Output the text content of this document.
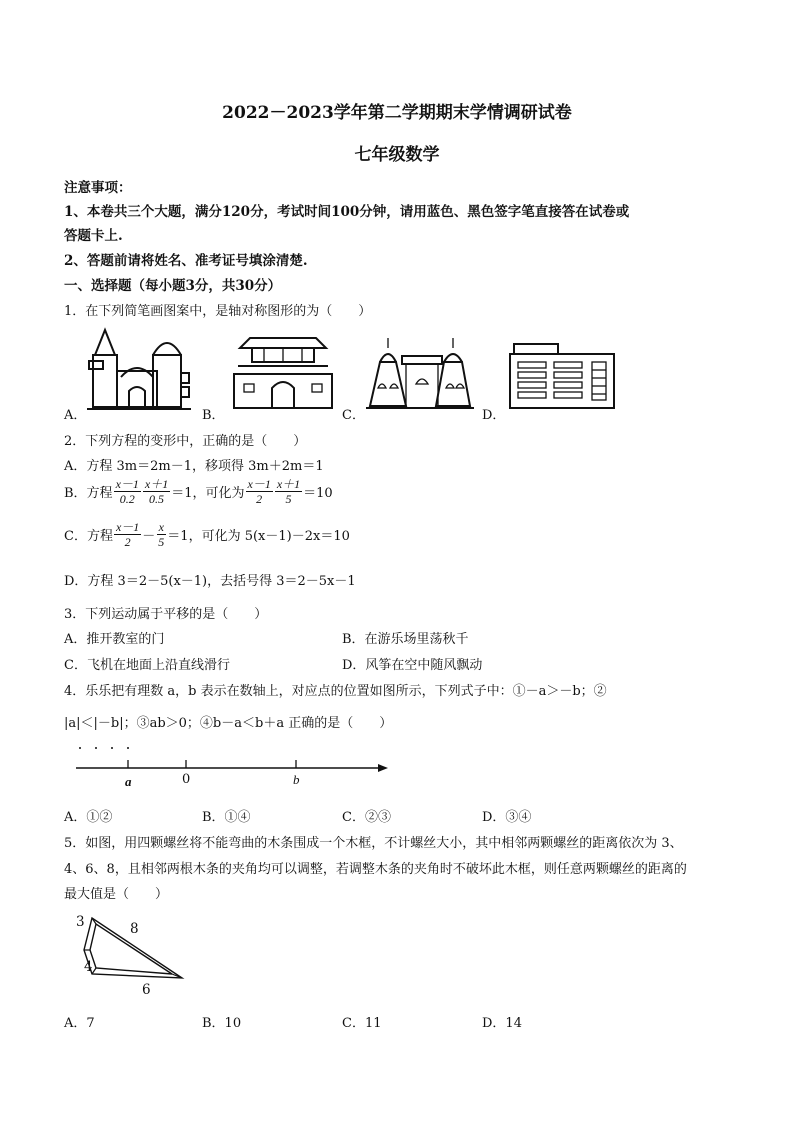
2022－2023学年第二学期期末学情调研试卷
七年级数学
注意事项：
1、本卷共三个大题，满分120分，考试时间100分钟，请用蓝色、黑色签字笔直接答在试卷或
答题卡上.
2、答题前请将姓名、准考证号填涂清楚.
一、选择题（每小题3分，共30分）
1．在下列简笔画图案中，是轴对称图形的为（　　）
A．	B．	C．	D．
2．下列方程的变形中，正确的是（　　）
A．方程 3m＝2m－1，移项得 3m＋2m＝1
B．方程 $\frac{x-1}{0.2} \frac{x+1}{0.5} =1$，可化为 $\frac{x-1}{2} \frac{x+1}{5} =10$
C．方程 $\frac{x-1}{2} - \frac{x}{5} =1$，可化为 5(x－1)－2x＝10
D．方程 3＝2－5(x－1)，去括号得 3＝2－5x－1
3．下列运动属于平移的是（　　）
A．推开教室的门	B．在游乐场里荡秋千
C．飞机在地面上沿直线滑行	D．风筝在空中随风飘动
4．乐乐把有理数 a，b 表示在数轴上，对应点的位置如图所示，下列式子中：①－a＞－b；②
|a|＜|－b|；③ab＞0；④b－a＜b＋a 正确的是（　　）
a	0	b
A．①②	B．①④	C．②③	D．③④
5．如图，用四颗螺丝将不能弯曲的木条围成一个木框，不计螺丝大小，其中相邻两颗螺丝的距离依次为 3、
4、6、8，且相邻两根木条的夹角均可以调整，若调整木条的夹角时不破坏此木框，则任意两颗螺丝的距离的
最大值是（　　）
3	8
4
6
A．7	B．10	C．11	D．14
